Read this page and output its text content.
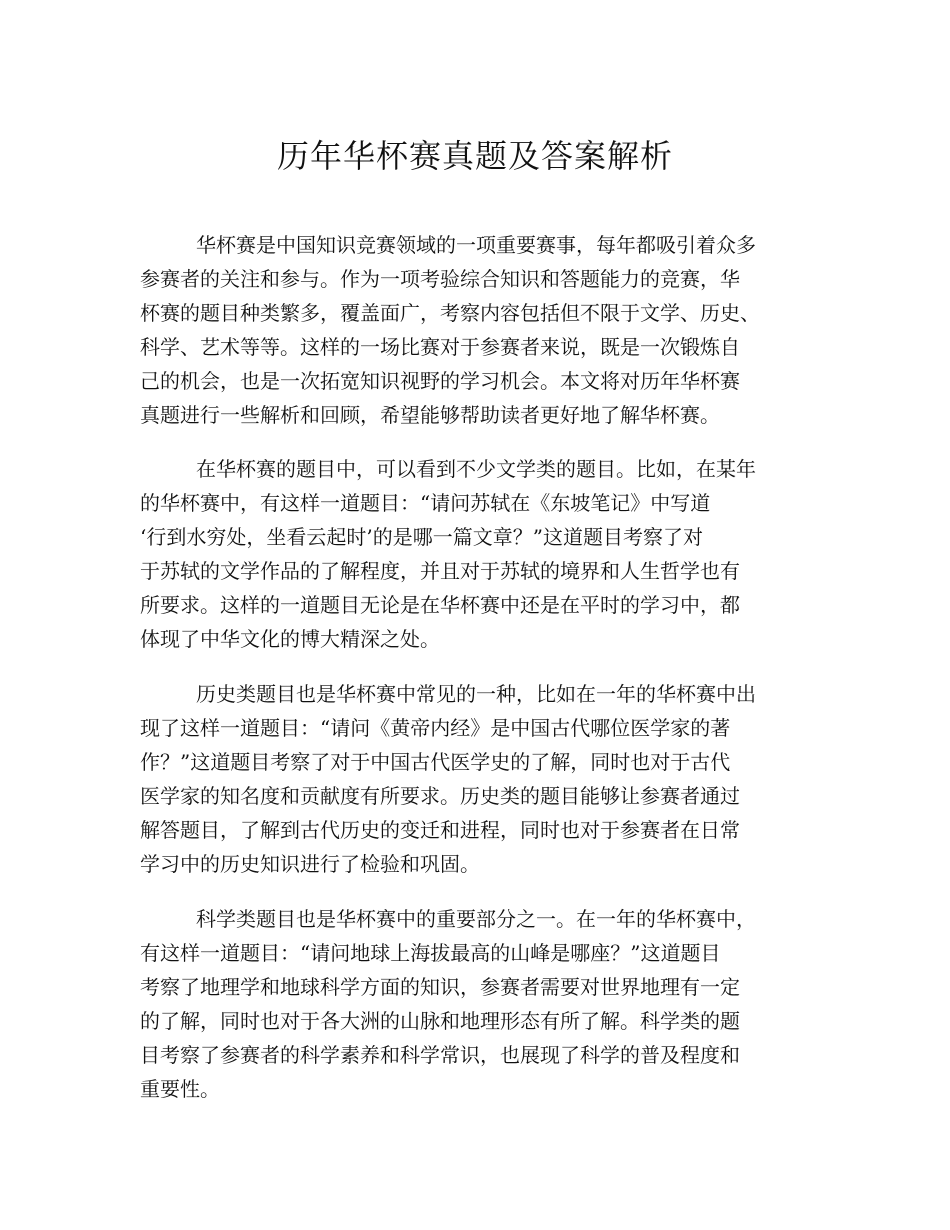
历年华杯赛真题及答案解析
华杯赛是中国知识竞赛领域的一项重要赛事，每年都吸引着众多
参赛者的关注和参与。作为一项考验综合知识和答题能力的竞赛，华
杯赛的题目种类繁多，覆盖面广，考察内容包括但不限于文学、历史、
科学、艺术等等。这样的一场比赛对于参赛者来说，既是一次锻炼自
己的机会，也是一次拓宽知识视野的学习机会。本文将对历年华杯赛
真题进行一些解析和回顾，希望能够帮助读者更好地了解华杯赛。
在华杯赛的题目中，可以看到不少文学类的题目。比如，在某年
的华杯赛中，有这样一道题目：“请问苏轼在《东坡笔记》中写道
‘行到水穷处，坐看云起时’的是哪一篇文章？”这道题目考察了对
于苏轼的文学作品的了解程度，并且对于苏轼的境界和人生哲学也有
所要求。这样的一道题目无论是在华杯赛中还是在平时的学习中，都
体现了中华文化的博大精深之处。
历史类题目也是华杯赛中常见的一种，比如在一年的华杯赛中出
现了这样一道题目：“请问《黄帝内经》是中国古代哪位医学家的著
作？”这道题目考察了对于中国古代医学史的了解，同时也对于古代
医学家的知名度和贡献度有所要求。历史类的题目能够让参赛者通过
解答题目，了解到古代历史的变迁和进程，同时也对于参赛者在日常
学习中的历史知识进行了检验和巩固。
科学类题目也是华杯赛中的重要部分之一。在一年的华杯赛中，
有这样一道题目：“请问地球上海拔最高的山峰是哪座？”这道题目
考察了地理学和地球科学方面的知识，参赛者需要对世界地理有一定
的了解，同时也对于各大洲的山脉和地理形态有所了解。科学类的题
目考察了参赛者的科学素养和科学常识，也展现了科学的普及程度和
重要性。
